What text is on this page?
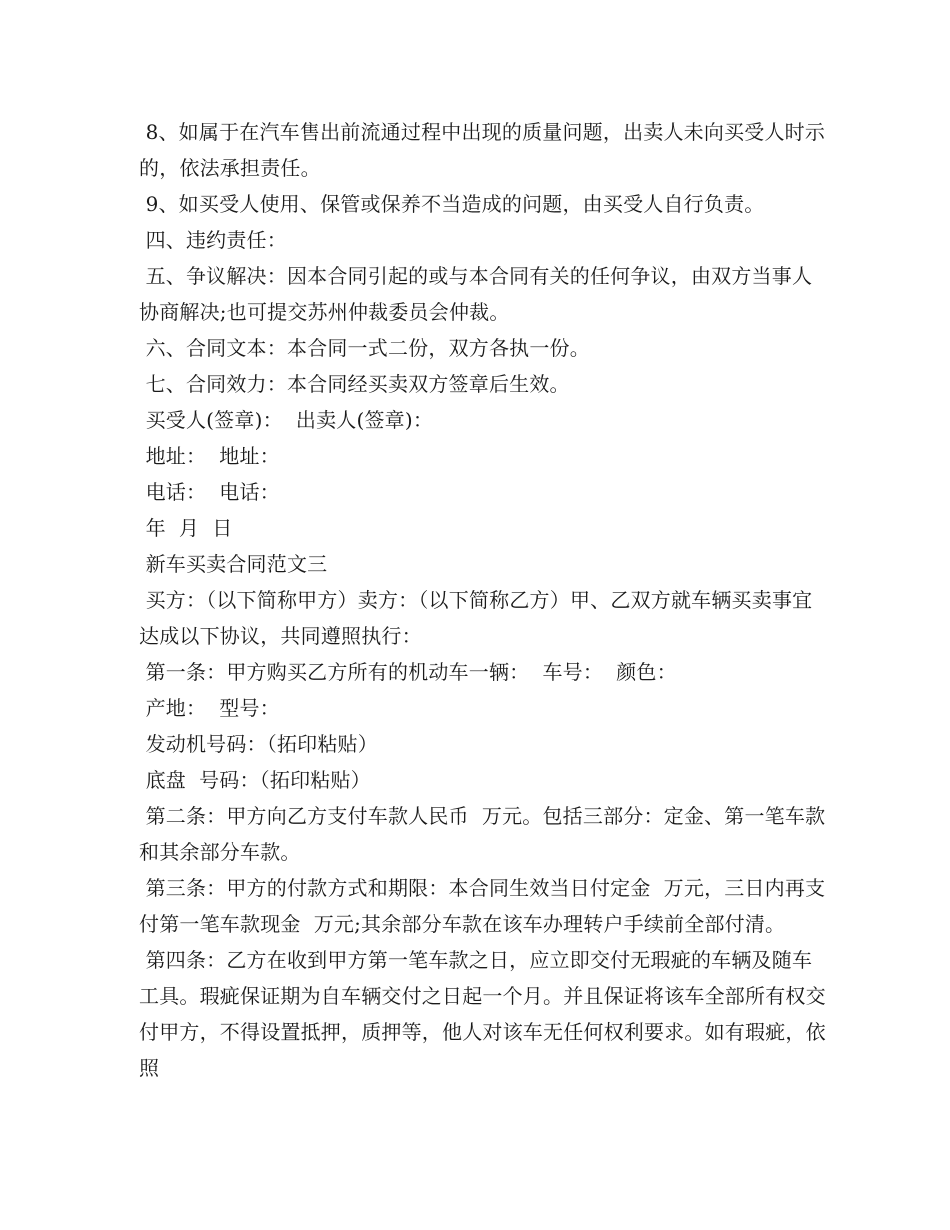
8、如属于在汽车售出前流通过程中出现的质量问题，出卖人未向买受人时示的，依法承担责任。

9、如买受人使用、保管或保养不当造成的问题，由买受人自行负责。

四、违约责任：

五、争议解决：因本合同引起的或与本合同有关的任何争议，由双方当事人协商解决;也可提交苏州仲裁委员会仲裁。

六、合同文本：本合同一式二份，双方各执一份。

七、合同效力：本合同经买卖双方签章后生效。

买受人(签章)：  出卖人(签章)：

地址：  地址：

电话：  电话：

年  月  日

新车买卖合同范文三

买方：（以下简称甲方）卖方：（以下简称乙方）甲、乙双方就车辆买卖事宜达成以下协议，共同遵照执行：

第一条：甲方购买乙方所有的机动车一辆：  车号：  颜色：

产地：  型号：

发动机号码：（拓印粘贴）

底盘  号码：（拓印粘贴）

第二条：甲方向乙方支付车款人民币  万元。包括三部分：定金、第一笔车款和其余部分车款。

第三条：甲方的付款方式和期限：本合同生效当日付定金  万元，三日内再支付第一笔车款现金  万元;其余部分车款在该车办理转户手续前全部付清。

第四条：乙方在收到甲方第一笔车款之日，应立即交付无瑕疵的车辆及随车工具。瑕疵保证期为自车辆交付之日起一个月。并且保证将该车全部所有权交付甲方，不得设置抵押，质押等，他人对该车无任何权利要求。如有瑕疵，依照
